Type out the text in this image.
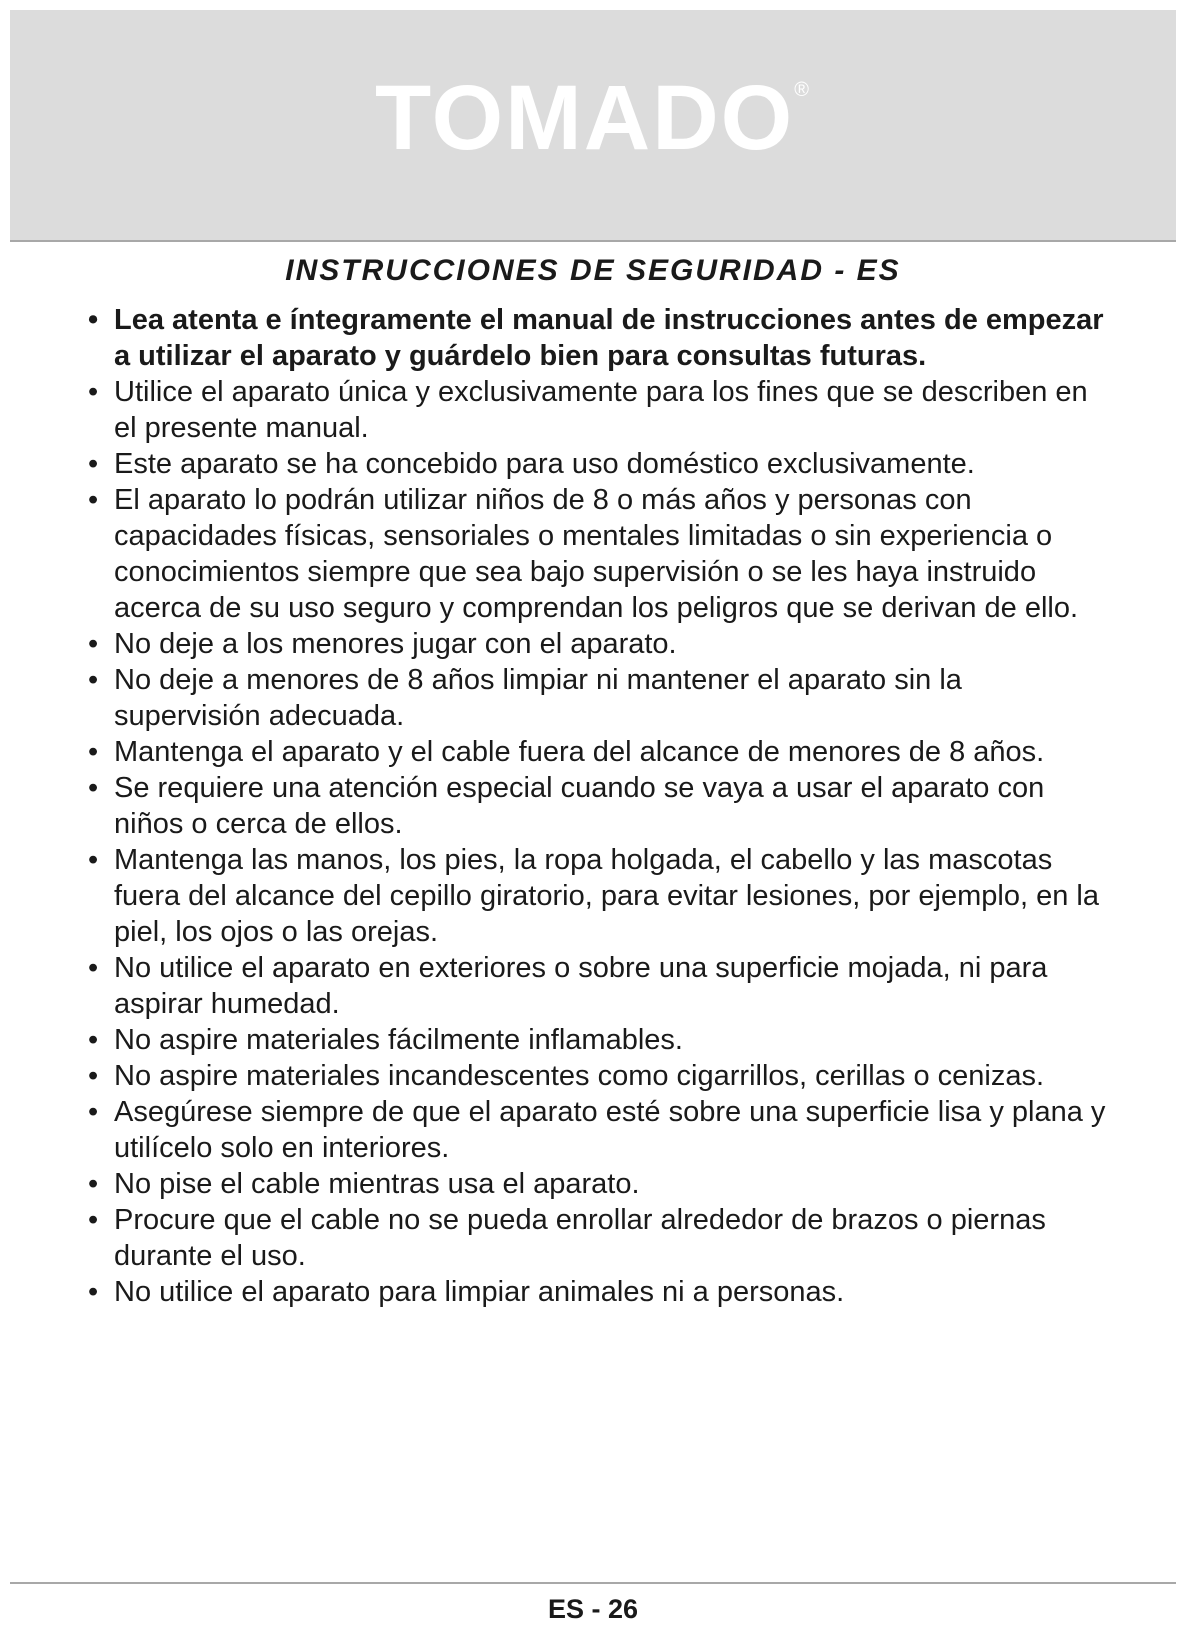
TOMADO®
INSTRUCCIONES DE SEGURIDAD - ES
• Lea atenta e íntegramente el manual de instrucciones antes de empezar a utilizar el aparato y guárdelo bien para consultas futuras.
• Utilice el aparato única y exclusivamente para los fines que se describen en el presente manual.
• Este aparato se ha concebido para uso doméstico exclusivamente.
• El aparato lo podrán utilizar niños de 8 o más años y personas con capacidades físicas, sensoriales o mentales limitadas o sin experiencia o conocimientos siempre que sea bajo supervisión o se les haya instruido acerca de su uso seguro y comprendan los peligros que se derivan de ello.
• No deje a los menores jugar con el aparato.
• No deje a menores de 8 años limpiar ni mantener el aparato sin la supervisión adecuada.
• Mantenga el aparato y el cable fuera del alcance de menores de 8 años.
• Se requiere una atención especial cuando se vaya a usar el aparato con niños o cerca de ellos.
• Mantenga las manos, los pies, la ropa holgada, el cabello y las mascotas fuera del alcance del cepillo giratorio, para evitar lesiones, por ejemplo, en la piel, los ojos o las orejas.
• No utilice el aparato en exteriores o sobre una superficie mojada, ni para aspirar humedad.
• No aspire materiales fácilmente inflamables.
• No aspire materiales incandescentes como cigarrillos, cerillas o cenizas.
• Asegúrese siempre de que el aparato esté sobre una superficie lisa y plana y utilícelo solo en interiores.
• No pise el cable mientras usa el aparato.
• Procure que el cable no se pueda enrollar alrededor de brazos o piernas durante el uso.
• No utilice el aparato para limpiar animales ni a personas.
ES - 26
